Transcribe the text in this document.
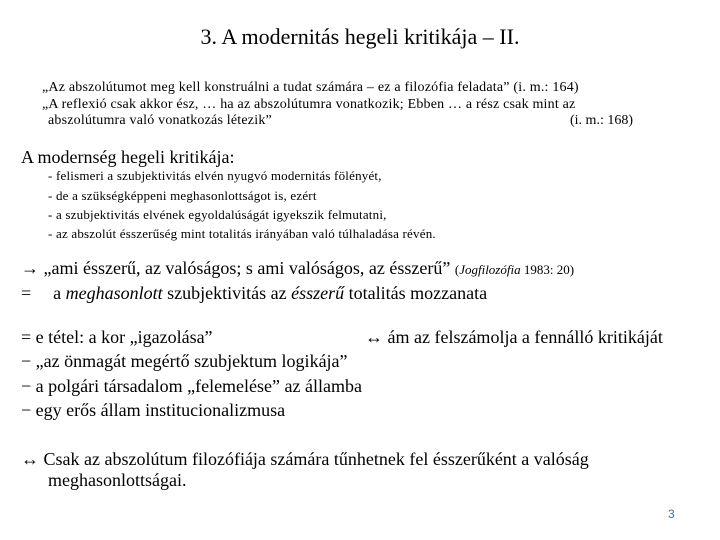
3. A modernitás hegeli kritikája – II.
„Az abszolútumot meg kell konstruálni a tudat számára – ez a filozófia feladata” (i. m.: 164)
„A reflexió csak akkor ész, … ha az abszolútumra vonatkozik; Ebben … a rész csak mint az
abszolútumra való vonatkozás létezik”	(i. m.: 168)
A modernség hegeli kritikája:
- felismeri a szubjektivitás elvén nyugvó modernitás fölényét,
- de a szükségképpeni meghasonlottságot is, ezért
- a szubjektivitás elvének egyoldalúságát igyekszik felmutatni,
- az abszolút ésszerűség mint totalitás irányában való túlhaladása révén.
→ „ami ésszerű, az valóságos; s ami valóságos, az ésszerű” (Jogfilozófia 1983: 20)
= a meghasonlott szubjektivitás az ésszerű totalitás mozzanata
= e tétel: a kor „igazolása”	↔ ám az felszámolja a fennálló kritikáját
− „az önmagát megértő szubjektum logikája”
− a polgári társadalom „felemelése” az államba
− egy erős állam institucionalizmusa
↔ Csak az abszolútum filozófiája számára tűnhetnek fel ésszerűként a valóság
meghasonlottságai.
3
